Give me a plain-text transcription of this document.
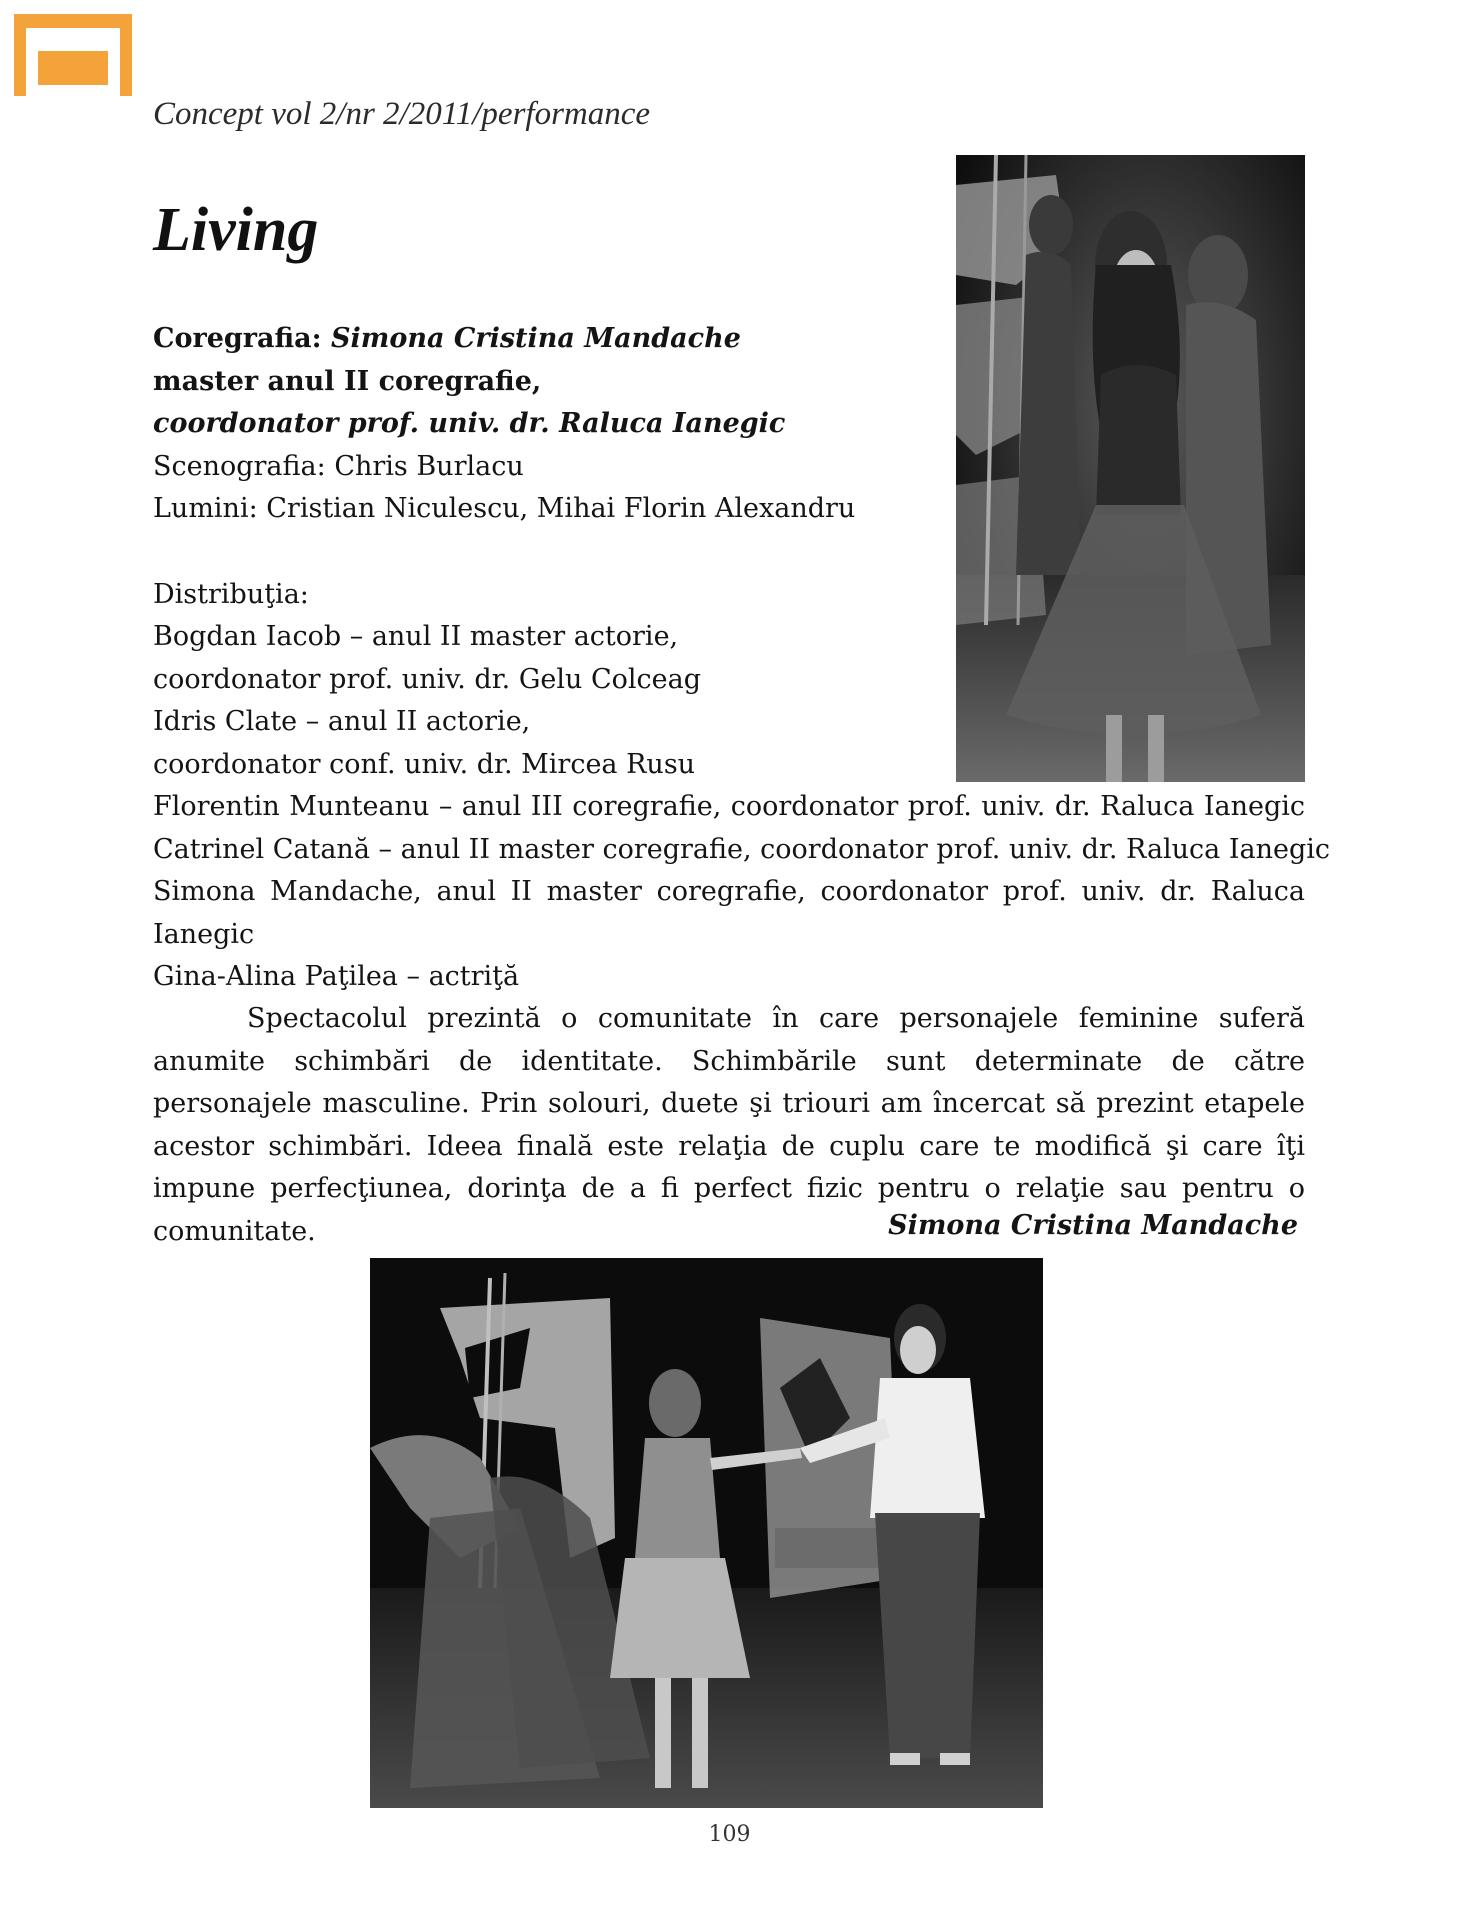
Concept vol 2/nr 2/2011/performance
Living
Coregrafia: Simona Cristina Mandache
master anul II coregrafie,
coordonator prof. univ. dr. Raluca Ianegic
Scenografia: Chris Burlacu
Lumini: Cristian Niculescu, Mihai Florin Alexandru
Distribuţia:
Bogdan Iacob – anul II master actorie,
coordonator prof. univ. dr. Gelu Colceag
Idris Clate – anul II actorie,
coordonator conf. univ. dr. Mircea Rusu
Florentin Munteanu – anul III coregrafie, coordonator prof. univ. dr. Raluca Ianegic
Catrinel Catană – anul II master coregrafie, coordonator prof. univ. dr. Raluca Ianegic
Simona Mandache, anul II master coregrafie, coordonator prof. univ. dr. Raluca Ianegic
Gina-Alina Paţilea – actriţă
Spectacolul prezintă o comunitate în care personajele feminine suferă anumite schimbări de identitate. Schimbările sunt determinate de către personajele masculine. Prin solouri, duete şi triouri am încercat să prezint etapele acestor schimbări. Ideea finală este relaţia de cuplu care te modifică şi care îţi impune perfecţiunea, dorinţa de a fi perfect fizic pentru o relaţie sau pentru o comunitate.	Simona Cristina Mandache
109
